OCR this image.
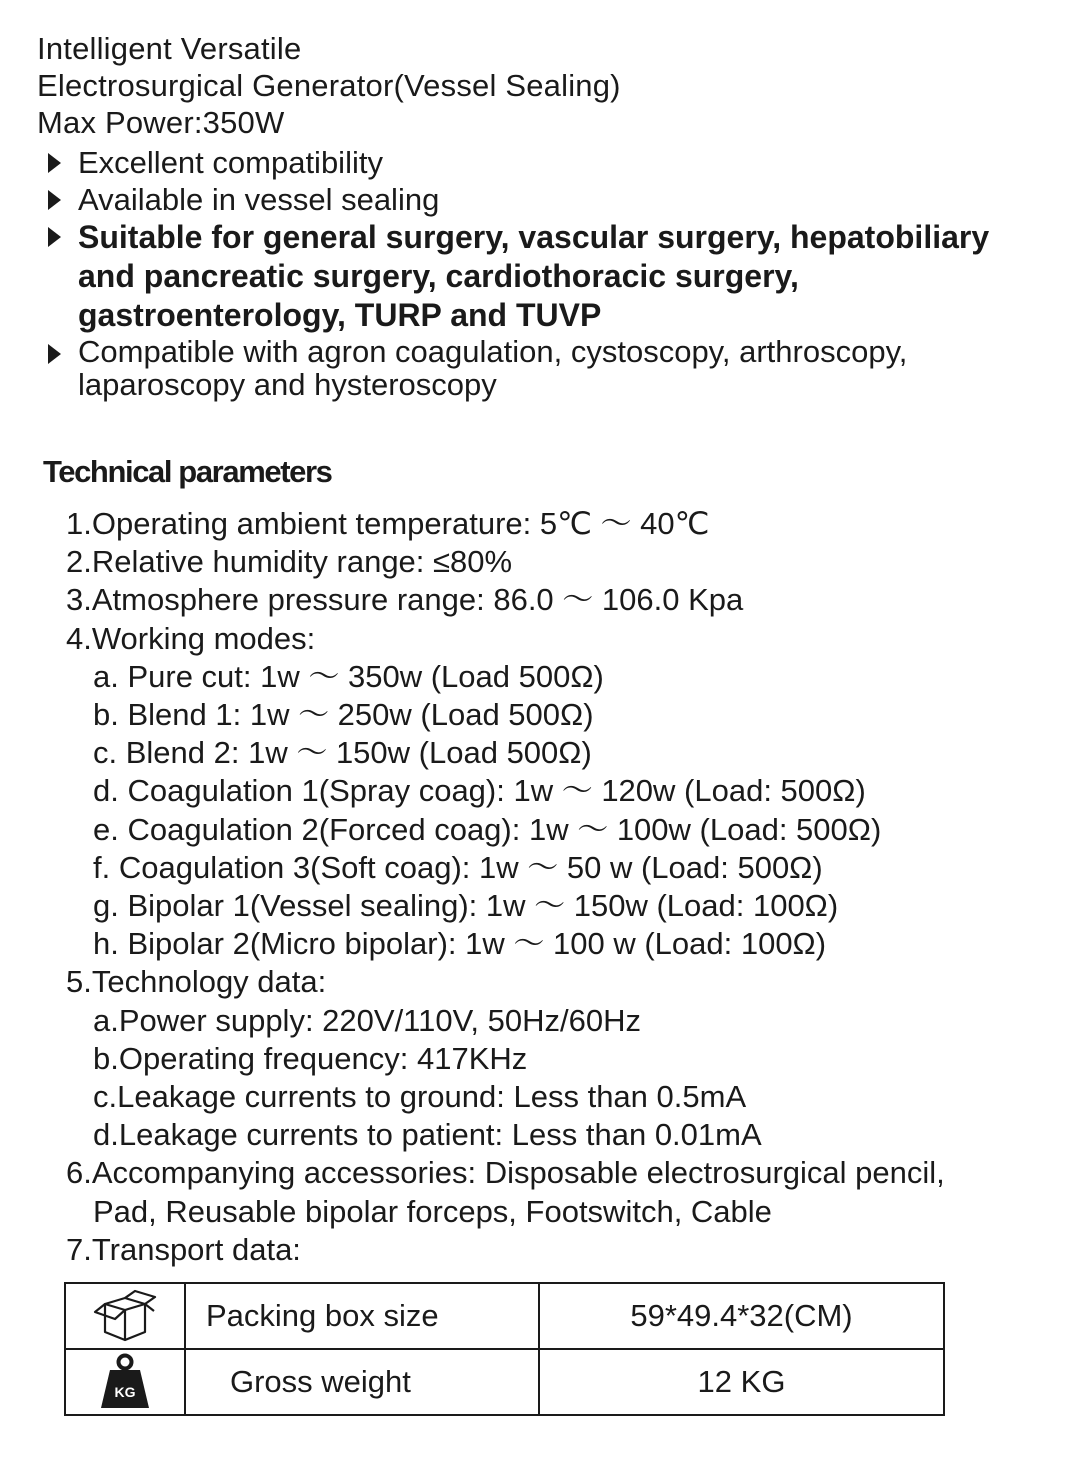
Intelligent Versatile
Electrosurgical Generator(Vessel Sealing)
Max Power:350W
Excellent compatibility
Available in vessel sealing
Suitable for general surgery, vascular surgery, hepatobiliary and pancreatic surgery, cardiothoracic surgery, gastroenterology, TURP and TUVP
Compatible with agron coagulation, cystoscopy, arthroscopy, laparoscopy and hysteroscopy
Technical parameters
1.Operating ambient temperature: 5℃ ～ 40℃
2.Relative humidity range: ≤80%
3.Atmosphere pressure range: 86.0 ～ 106.0 Kpa
4.Working modes:
a. Pure cut: 1w ～ 350w (Load 500Ω)
b. Blend 1: 1w ～ 250w (Load 500Ω)
c. Blend 2: 1w ～ 150w (Load 500Ω)
d. Coagulation 1(Spray coag): 1w ～ 120w (Load: 500Ω)
e. Coagulation 2(Forced coag): 1w ～ 100w (Load: 500Ω)
f. Coagulation 3(Soft coag): 1w ～ 50 w (Load: 500Ω)
g. Bipolar 1(Vessel sealing): 1w ～ 150w (Load: 100Ω)
h. Bipolar 2(Micro bipolar): 1w ～ 100 w (Load: 100Ω)
5.Technology data:
a.Power supply: 220V/110V, 50Hz/60Hz
b.Operating frequency: 417KHz
c.Leakage currents to ground: Less than 0.5mA
d.Leakage currents to patient: Less than 0.01mA
6.Accompanying accessories: Disposable electrosurgical pencil,
Pad, Reusable bipolar forceps, Footswitch, Cable
7.Transport data:
	Packing box size	59*49.4*32(CM)

KG	Gross weight	12 KG
